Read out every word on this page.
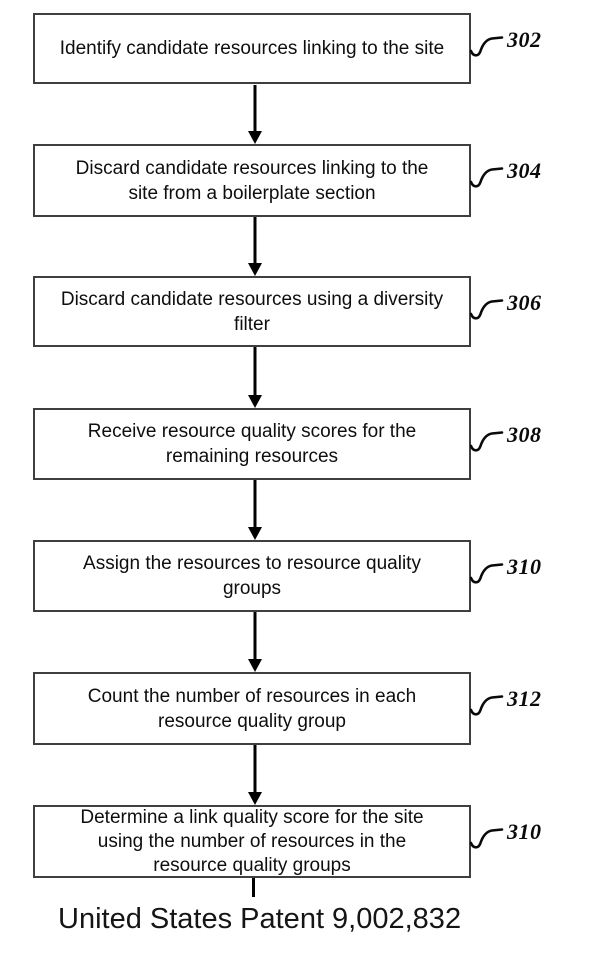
Identify candidate resources linking to the site	302
Discard candidate resources linking to the
site from a boilerplate section
304
Discard candidate resources using a diversity
filter
306
Receive resource quality scores for the
remaining resources
308
Assign the resources to resource quality
groups
310
Count the number of resources in each
resource quality group
312
Determine a link quality score for the site
using the number of resources in the
resource quality groups
310
United States Patent 9,002,832
